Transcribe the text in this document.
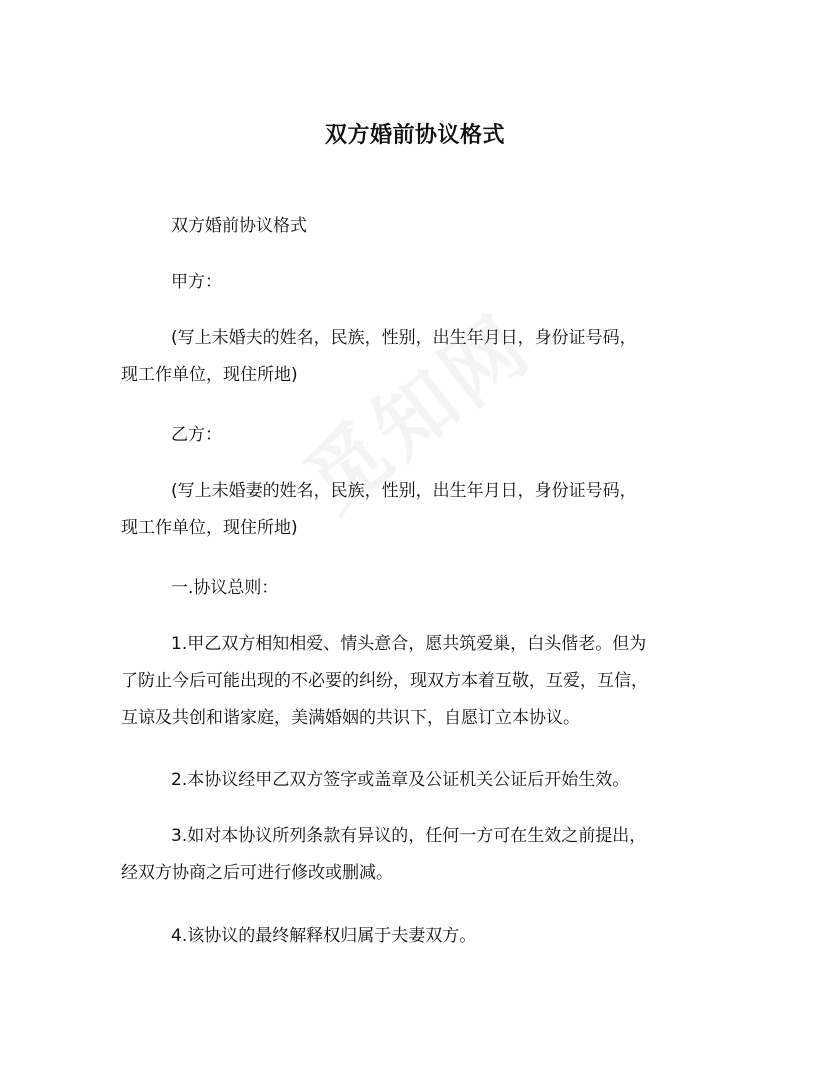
双方婚前协议格式
双方婚前协议格式
甲方：
(写上未婚夫的姓名，民族，性别，出生年月日，身份证号码，
现工作单位，现住所地)
乙方：
(写上未婚妻的姓名，民族，性别，出生年月日，身份证号码，
现工作单位，现住所地)
一.协议总则：
1.甲乙双方相知相爱、情头意合，愿共筑爱巢，白头偕老。但为
了防止今后可能出现的不必要的纠纷，现双方本着互敬，互爱，互信，
互谅及共创和谐家庭，美满婚姻的共识下，自愿订立本协议。
2.本协议经甲乙双方签字或盖章及公证机关公证后开始生效。
3.如对本协议所列条款有异议的，任何一方可在生效之前提出，
经双方协商之后可进行修改或删减。
4.该协议的最终解释权归属于夫妻双方。
